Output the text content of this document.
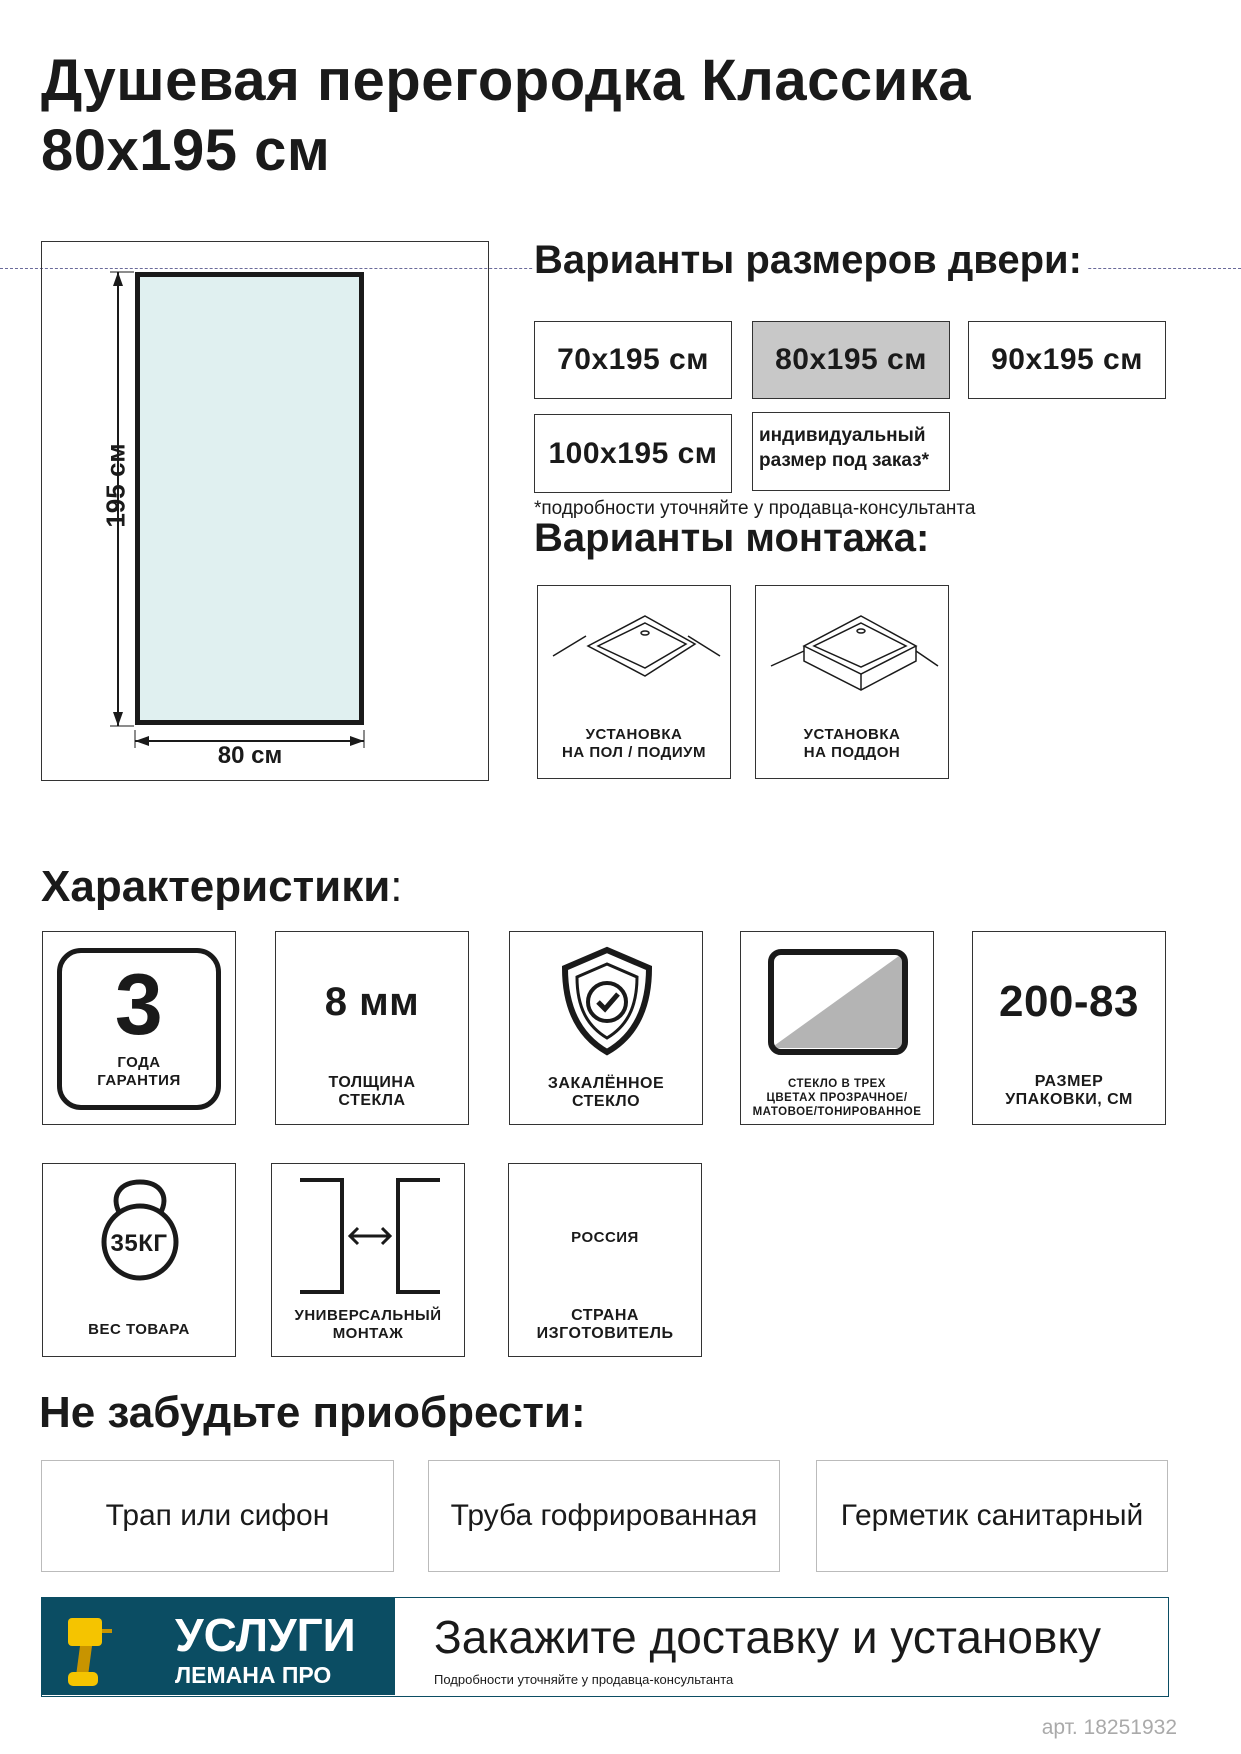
Душевая перегородка Классика
80x195 см
195 см
80 см
Варианты размеров двери:
70x195 см	80x195 см	90x195 см
100x195 см
индивидуальный
размер под заказ*
*подробности уточняйте у продавца-консультанта
Варианты монтажа:
УСТАНОВКА
НА ПОЛ / ПОДИУМ
УСТАНОВКА
НА ПОДДОН
Характеристики:
3
ГОДА
ГАРАНТИЯ
8 мм
ТОЛЩИНА
СТЕКЛА
ЗАКАЛЁННОЕ
СТЕКЛО
СТЕКЛО В ТРЕХ
ЦВЕТАХ ПРОЗРАЧНОЕ/
МАТОВОЕ/ТОНИРОВАННОЕ
200-83
РАЗМЕР
УПАКОВКИ, СМ
35КГ
ВЕС ТОВАРА
УНИВЕРСАЛЬНЫЙ
МОНТАЖ
РОССИЯ
СТРАНА
ИЗГОТОВИТЕЛЬ
Не забудьте приобрести:
Трап или сифон	Труба гофрированная	Герметик санитарный
УСЛУГИ
ЛЕМАНА ПРО
Закажите доставку и установку
Подробности уточняйте у продавца-консультанта
арт. 18251932
